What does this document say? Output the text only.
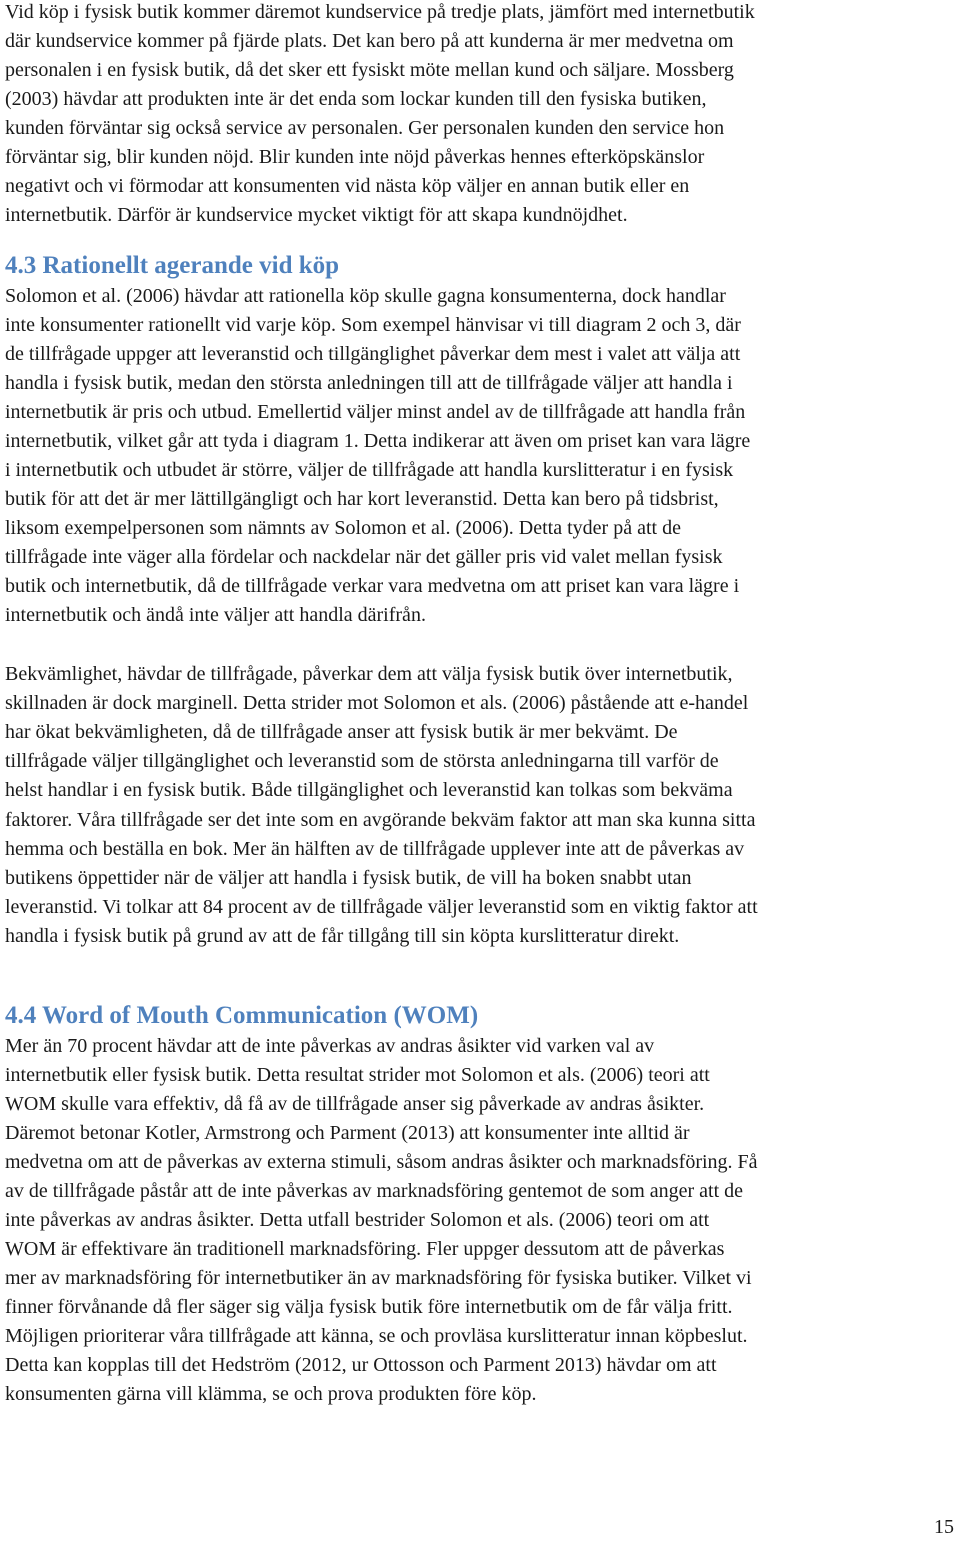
Vid köp i fysisk butik kommer däremot kundservice på tredje plats, jämfört med internetbutik
där kundservice kommer på fjärde plats. Det kan bero på att kunderna är mer medvetna om
personalen i en fysisk butik, då det sker ett fysiskt möte mellan kund och säljare. Mossberg
(2003) hävdar att produkten inte är det enda som lockar kunden till den fysiska butiken,
kunden förväntar sig också service av personalen. Ger personalen kunden den service hon
förväntar sig, blir kunden nöjd. Blir kunden inte nöjd påverkas hennes efterköpskänslor
negativt och vi förmodar att konsumenten vid nästa köp väljer en annan butik eller en
internetbutik. Därför är kundservice mycket viktigt för att skapa kundnöjdhet.
4.3 Rationellt agerande vid köp
Solomon et al. (2006) hävdar att rationella köp skulle gagna konsumenterna, dock handlar
inte konsumenter rationellt vid varje köp. Som exempel hänvisar vi till diagram 2 och 3, där
de tillfrågade uppger att leveranstid och tillgänglighet påverkar dem mest i valet att välja att
handla i fysisk butik, medan den största anledningen till att de tillfrågade väljer att handla i
internetbutik är pris och utbud. Emellertid väljer minst andel av de tillfrågade att handla från
internetbutik, vilket går att tyda i diagram 1. Detta indikerar att även om priset kan vara lägre
i internetbutik och utbudet är större, väljer de tillfrågade att handla kurslitteratur i en fysisk
butik för att det är mer lättillgängligt och har kort leveranstid. Detta kan bero på tidsbrist,
liksom exempelpersonen som nämnts av Solomon et al. (2006). Detta tyder på att de
tillfrågade inte väger alla fördelar och nackdelar när det gäller pris vid valet mellan fysisk
butik och internetbutik, då de tillfrågade verkar vara medvetna om att priset kan vara lägre i
internetbutik och ändå inte väljer att handla därifrån.
Bekvämlighet, hävdar de tillfrågade, påverkar dem att välja fysisk butik över internetbutik,
skillnaden är dock marginell. Detta strider mot Solomon et als. (2006) påstående att e-handel
har ökat bekvämligheten, då de tillfrågade anser att fysisk butik är mer bekvämt. De
tillfrågade väljer tillgänglighet och leveranstid som de största anledningarna till varför de
helst handlar i en fysisk butik. Både tillgänglighet och leveranstid kan tolkas som bekväma
faktorer. Våra tillfrågade ser det inte som en avgörande bekväm faktor att man ska kunna sitta
hemma och beställa en bok. Mer än hälften av de tillfrågade upplever inte att de påverkas av
butikens öppettider när de väljer att handla i fysisk butik, de vill ha boken snabbt utan
leveranstid. Vi tolkar att 84 procent av de tillfrågade väljer leveranstid som en viktig faktor att
handla i fysisk butik på grund av att de får tillgång till sin köpta kurslitteratur direkt.
4.4 Word of Mouth Communication (WOM)
Mer än 70 procent hävdar att de inte påverkas av andras åsikter vid varken val av
internetbutik eller fysisk butik. Detta resultat strider mot Solomon et als. (2006) teori att
WOM skulle vara effektiv, då få av de tillfrågade anser sig påverkade av andras åsikter.
Däremot betonar Kotler, Armstrong och Parment (2013) att konsumenter inte alltid är
medvetna om att de påverkas av externa stimuli, såsom andras åsikter och marknadsföring. Få
av de tillfrågade påstår att de inte påverkas av marknadsföring gentemot de som anger att de
inte påverkas av andras åsikter. Detta utfall bestrider Solomon et als. (2006) teori om att
WOM är effektivare än traditionell marknadsföring. Fler uppger dessutom att de påverkas
mer av marknadsföring för internetbutiker än av marknadsföring för fysiska butiker. Vilket vi
finner förvånande då fler säger sig välja fysisk butik före internetbutik om de får välja fritt.
Möjligen prioriterar våra tillfrågade att känna, se och provläsa kurslitteratur innan köpbeslut.
Detta kan kopplas till det Hedström (2012, ur Ottosson och Parment 2013) hävdar om att
konsumenten gärna vill klämma, se och prova produkten före köp.
15
